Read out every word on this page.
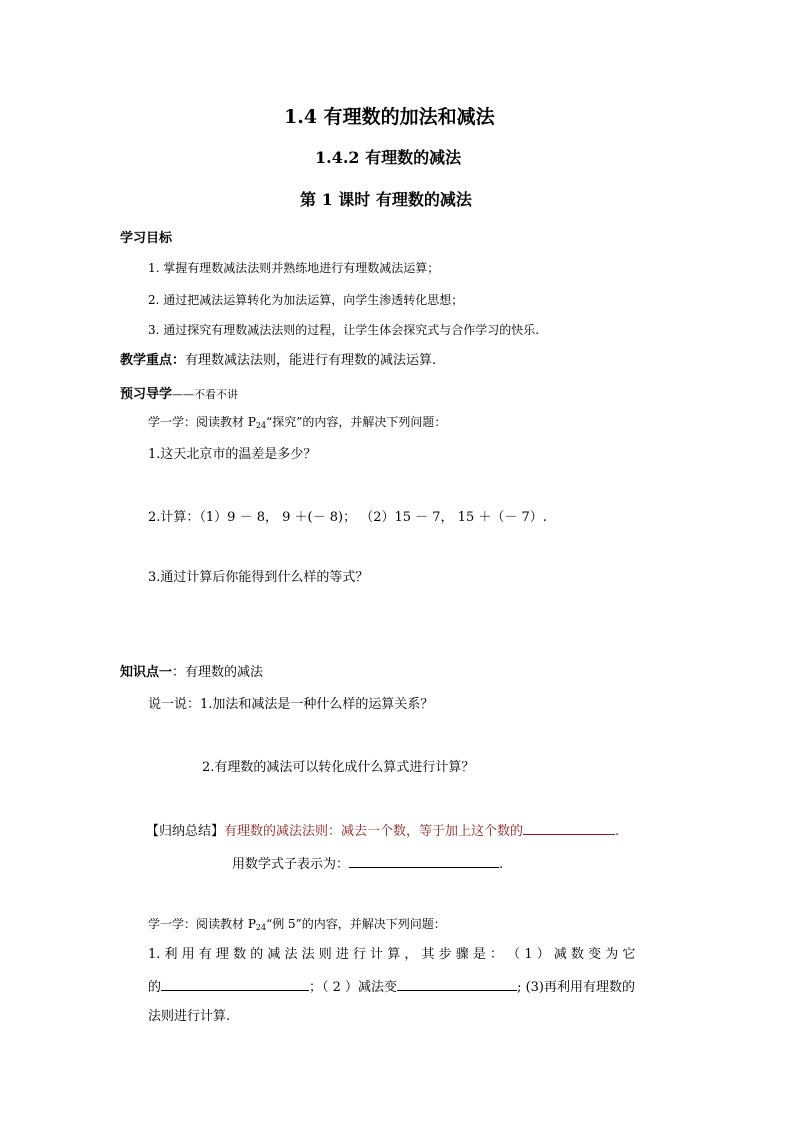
1.4 有理数的加法和减法
1.4.2 有理数的减法
第 1 课时 有理数的减法
学习目标
1. 掌握有理数减法法则并熟练地进行有理数减法运算；
2. 通过把减法运算转化为加法运算，向学生渗透转化思想；
3. 通过探究有理数减法法则的过程，让学生体会探究式与合作学习的快乐.
教学重点：有理数减法法则，能进行有理数的减法运算.
预习导学——不看不讲
学一学：阅读教材 $P_{24}“$探究”的内容，并解决下列问题：
1.这天北京市的温差是多少？
2.计算：（1）9 － 8， 9 ＋(－ 8)； （2）15 － 7， 15 ＋（－ 7）.
3.通过计算后你能得到什么样的等式？
知识点一：有理数的减法
说一说：1.加法和减法是一种什么样的运算关系？
2.有理数的减法可以转化成什么算式进行计算？
【归纳总结】有理数的减法法则：减去一个数，等于加上这个数的	.
用数学式子表示为：	.
学一学：阅读教材 $P_{24}“$例 5”的内容，并解决下列问题：
1. 利 用 有 理 数 的 减 法 法 则 进 行 计 算 ， 其 步 骤 是 ： （ 1 ） 减 数 变 为 它
的	；（ 2 ）减法变	; (3)再利用有理数的
法则进行计算.
